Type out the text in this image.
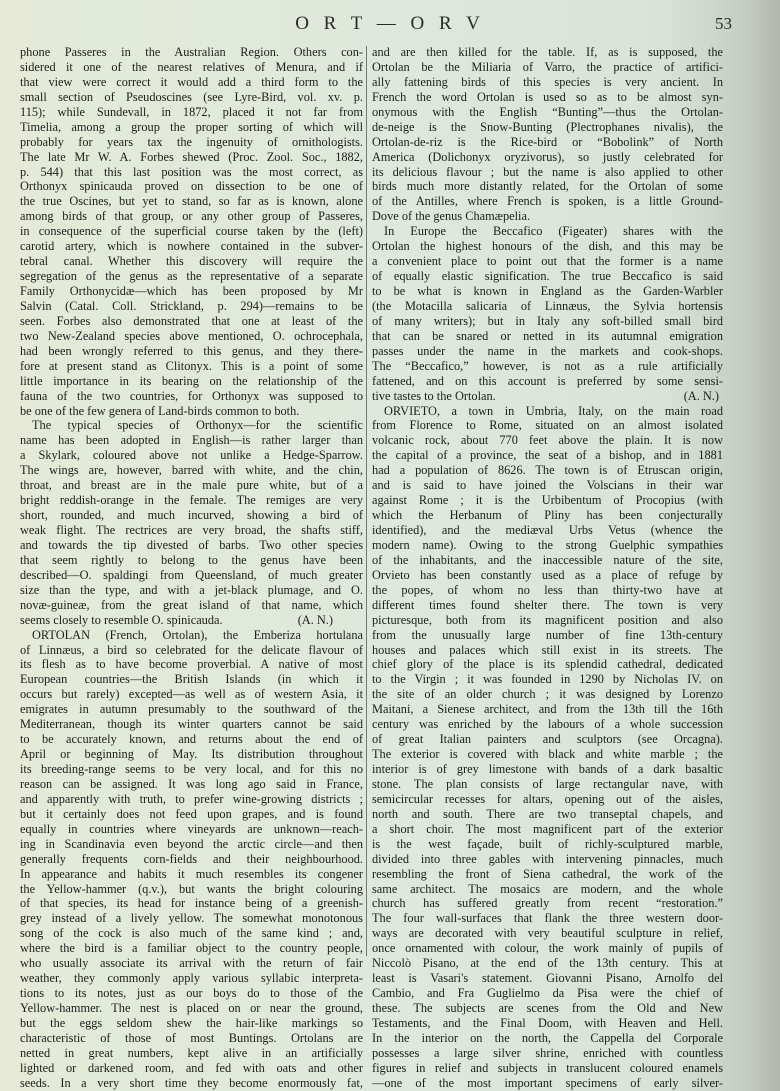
O R T — O R V	53
phone Passeres in the Australian Region. Others con-
sidered it one of the nearest relatives of Menura, and if
that view were correct it would add a third form to the
small section of Pseudoscines (see Lyre-Bird, vol. xv. p.
115); while Sundevall, in 1872, placed it not far from
Timelia, among a group the proper sorting of which will
probably for years tax the ingenuity of ornithologists.
The late Mr W. A. Forbes shewed (Proc. Zool. Soc., 1882,
p. 544) that this last position was the most correct, as
Orthonyx spinicauda proved on dissection to be one of
the true Oscines, but yet to stand, so far as is known, alone
among birds of that group, or any other group of Passeres,
in consequence of the superficial course taken by the (left)
carotid artery, which is nowhere contained in the subver-
tebral canal. Whether this discovery will require the
segregation of the genus as the representative of a separate
Family Orthonycidæ—which has been proposed by Mr
Salvin (Catal. Coll. Strickland, p. 294)—remains to be
seen. Forbes also demonstrated that one at least of the
two New-Zealand species above mentioned, O. ochrocephala,
had been wrongly referred to this genus, and they there-
fore at present stand as Clitonyx. This is a point of some
little importance in its bearing on the relationship of the
fauna of the two countries, for Orthonyx was supposed to
be one of the few genera of Land-birds common to both.
The typical species of Orthonyx—for the scientific
name has been adopted in English—is rather larger than
a Skylark, coloured above not unlike a Hedge-Sparrow.
The wings are, however, barred with white, and the chin,
throat, and breast are in the male pure white, but of a
bright reddish-orange in the female. The remiges are very
short, rounded, and much incurved, showing a bird of
weak flight. The rectrices are very broad, the shafts stiff,
and towards the tip divested of barbs. Two other species
that seem rightly to belong to the genus have been
described—O. spaldingi from Queensland, of much greater
size than the type, and with a jet-black plumage, and O.
novæ-guineæ, from the great island of that name, which
seems closely to resemble O. spinicauda.	(A. N.)
ORTOLAN (French, Ortolan), the Emberiza hortulana
of Linnæus, a bird so celebrated for the delicate flavour of
its flesh as to have become proverbial. A native of most
European countries—the British Islands (in which it
occurs but rarely) excepted—as well as of western Asia, it
emigrates in autumn presumably to the southward of the
Mediterranean, though its winter quarters cannot be said
to be accurately known, and returns about the end of
April or beginning of May. Its distribution throughout
its breeding-range seems to be very local, and for this no
reason can be assigned. It was long ago said in France,
and apparently with truth, to prefer wine-growing districts ;
but it certainly does not feed upon grapes, and is found
equally in countries where vineyards are unknown—reach-
ing in Scandinavia even beyond the arctic circle—and then
generally frequents corn-fields and their neighbourhood.
In appearance and habits it much resembles its congener
the Yellow-hammer (q.v.), but wants the bright colouring
of that species, its head for instance being of a greenish-
grey instead of a lively yellow. The somewhat monotonous
song of the cock is also much of the same kind ; and,
where the bird is a familiar object to the country people,
who usually associate its arrival with the return of fair
weather, they commonly apply various syllabic interpreta-
tions to its notes, just as our boys do to those of the
Yellow-hammer. The nest is placed on or near the ground,
but the eggs seldom shew the hair-like markings so
characteristic of those of most Buntings. Ortolans are
netted in great numbers, kept alive in an artificially
lighted or darkened room, and fed with oats and other
seeds. In a very short time they become enormously fat,
and are then killed for the table. If, as is supposed, the
Ortolan be the Miliaria of Varro, the practice of artifici-
ally fattening birds of this species is very ancient. In
French the word Ortolan is used so as to be almost syn-
onymous with the English “Bunting”—thus the Ortolan-
de-neige is the Snow-Bunting (Plectrophanes nivalis), the
Ortolan-de-riz is the Rice-bird or “Bobolink” of North
America (Dolichonyx oryzivorus), so justly celebrated for
its delicious flavour ; but the name is also applied to other
birds much more distantly related, for the Ortolan of some
of the Antilles, where French is spoken, is a little Ground-
Dove of the genus Chamæpelia.
In Europe the Beccafico (Figeater) shares with the
Ortolan the highest honours of the dish, and this may be
a convenient place to point out that the former is a name
of equally elastic signification. The true Beccafico is said
to be what is known in England as the Garden-Warbler
(the Motacilla salicaria of Linnæus, the Sylvia hortensis
of many writers); but in Italy any soft-billed small bird
that can be snared or netted in its autumnal emigration
passes under the name in the markets and cook-shops.
The “Beccafico,” however, is not as a rule artificially
fattened, and on this account is preferred by some sensi-
tive tastes to the Ortolan.	(A. N.)
ORVIETO, a town in Umbria, Italy, on the main road
from Florence to Rome, situated on an almost isolated
volcanic rock, about 770 feet above the plain. It is now
the capital of a province, the seat of a bishop, and in 1881
had a population of 8626. The town is of Etruscan origin,
and is said to have joined the Volscians in their war
against Rome ; it is the Urbibentum of Procopius (with
which the Herbanum of Pliny has been conjecturally
identified), and the mediæval Urbs Vetus (whence the
modern name). Owing to the strong Guelphic sympathies
of the inhabitants, and the inaccessible nature of the site,
Orvieto has been constantly used as a place of refuge by
the popes, of whom no less than thirty-two have at
different times found shelter there. The town is very
picturesque, both from its magnificent position and also
from the unusually large number of fine 13th-century
houses and palaces which still exist in its streets. The
chief glory of the place is its splendid cathedral, dedicated
to the Virgin ; it was founded in 1290 by Nicholas IV. on
the site of an older church ; it was designed by Lorenzo
Maitani, a Sienese architect, and from the 13th till the 16th
century was enriched by the labours of a whole succession
of great Italian painters and sculptors (see Orcagna).
The exterior is covered with black and white marble ; the
interior is of grey limestone with bands of a dark basaltic
stone. The plan consists of large rectangular nave, with
semicircular recesses for altars, opening out of the aisles,
north and south. There are two transeptal chapels, and
a short choir. The most magnificent part of the exterior
is the west façade, built of richly-sculptured marble,
divided into three gables with intervening pinnacles, much
resembling the front of Siena cathedral, the work of the
same architect. The mosaics are modern, and the whole
church has suffered greatly from recent “restoration.”
The four wall-surfaces that flank the three western door-
ways are decorated with very beautiful sculpture in relief,
once ornamented with colour, the work mainly of pupils of
Niccolò Pisano, at the end of the 13th century. This at
least is Vasari's statement. Giovanni Pisano, Arnolfo del
Cambio, and Fra Guglielmo da Pisa were the chief of
these. The subjects are scenes from the Old and New
Testaments, and the Final Doom, with Heaven and Hell.
In the interior on the north, the Cappella del Corporale
possesses a large silver shrine, enriched with countless
figures in relief and subjects in translucent coloured enamels
—one of the most important specimens of early silver-
